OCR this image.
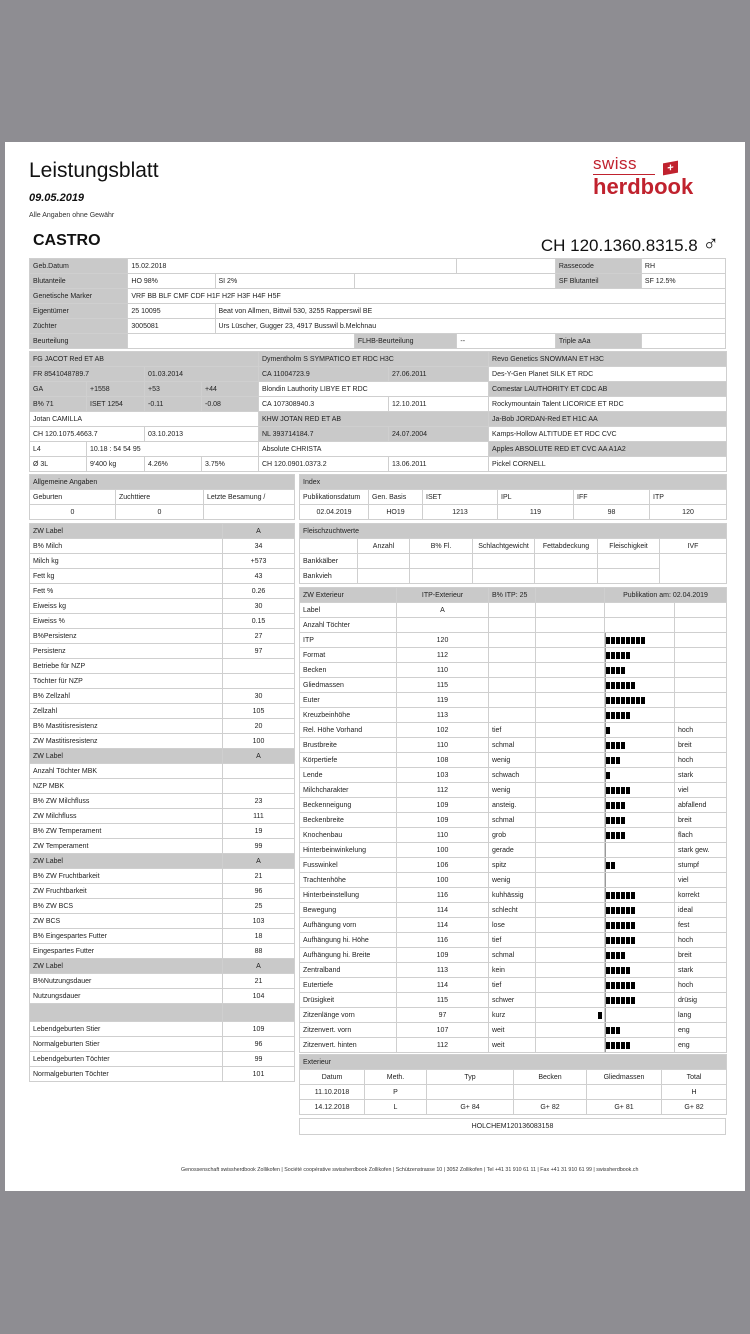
Leistungsblatt
09.05.2019
Alle Angaben ohne Gewähr
CASTRO	CH 120.1360.8315.8 ♂
swiss	+
herdbook
Geb.Datum	15.02.2018				Rassecode	RH
Blutanteile	HO 98%	SI 2%			SF Blutanteil	SF 12.5%
Genetische Marker	VRF BB BLF CMF CDF H1F H2F H3F H4F H5F					
Eigentümer	25 10095	Beat von Allmen, Bittwil 530, 3255 Rapperswil BE				
Züchter	3005081	Urs Lüscher, Gugger 23, 4917 Busswil b.Melchnau				
Beurteilung			FLHB-Beurteilung	--	Triple aAa	
FG JACOT Red ET AB				Dymentholm S SYMPATICO ET RDC H3C		Revo Genetics SNOWMAN ET H3C
FR 8541048789.7		01.03.2014		CA 11004723.9	27.06.2011	Des-Y-Gen Planet SILK ET RDC
GA	+1558	+53	+44	Blondin Lauthority LIBYE ET RDC		Comestar LAUTHORITY ET CDC AB
B% 71	ISET 1254	-0.11	-0.08	CA 107308940.3	12.10.2011	Rockymountain Talent LICORICE ET RDC
Jotan CAMILLA				KHW JOTAN RED ET AB		Ja-Bob JORDAN-Red ET H1C AA
CH 120.1075.4663.7		03.10.2013		NL 393714184.7	24.07.2004	Kamps-Hollow ALTITUDE ET RDC CVC
L4	10.18 : 54 54 95			Absolute CHRISTA		Apples ABSOLUTE RED ET CVC AA A1A2
Ø 3L	9'400 kg	4.26%	3.75%	CH 120.0901.0373.2	13.06.2011	Pickel CORNELL
Allgemeine Angaben		
Geburten	Zuchttiere	Letzte Besamung /
0	0	
Index					
Publikationsdatum	Gen. Basis	ISET	IPL	IFF	ITP
02.04.2019	HO19	1213	119	98	120
ZW Label	A
B% Milch	34
Milch kg	+573
Fett kg	43
Fett %	0.26
Eiweiss kg	30
Eiweiss %	0.15
B%Persistenz	27
Persistenz	97
Betriebe für NZP	
Töchter für NZP	
B% Zellzahl	30
Zellzahl	105
B% Mastitisresistenz	20
ZW Mastitisresistenz	100
ZW Label	A
Anzahl Töchter MBK	
NZP MBK	
B% ZW Milchfluss	23
ZW Milchfluss	111
B% ZW Temperament	19
ZW Temperament	99
ZW Label	A
B% ZW Fruchtbarkeit	21
ZW Fruchtbarkeit	96
B% ZW BCS	25
ZW BCS	103
B% Eingespartes Futter	18
Eingespartes Futter	88
ZW Label	A
B%Nutzungsdauer	21
Nutzungsdauer	104

Lebendgeburten Stier	109
Normalgeburten Stier	96
Lebendgeburten Töchter	99
Normalgeburten Töchter	101
Fleischzuchtwerte						
	Anzahl	B% Fl.	Schlachtgewicht	Fettabdeckung	Fleischigkeit	IVF
Bankkälber						
Bankvieh						
ZW Exterieur	ITP-Exterieur	B% ITP: 25		Publikation am: 02.04.2019	
Label	A				
Anzahl Töchter					
ITP	120			

Format	112			

Becken	110			

Gliedmassen	115			

Euter	119			

Kreuzbeinhöhe	113			

Rel. Höhe Vorhand	102	tief			hoch
Brustbreite	110	schmal			breit
Körpertiefe	108	wenig			hoch
Lende	103	schwach			stark
Milchcharakter	112	wenig			viel
Beckenneigung	109	ansteig.			abfallend
Beckenbreite	109	schmal			breit
Knochenbau	110	grob			flach
Hinterbeinwinkelung	100	gerade			stark gew.
Fusswinkel	106	spitz			stumpf
Trachtenhöhe	100	wenig			viel
Hinterbeinstellung	116	kuhhässig			korrekt
Bewegung	114	schlecht			ideal
Aufhängung vorn	114	lose			fest
Aufhängung hi. Höhe	116	tief			hoch
Aufhängung hi. Breite	109	schmal			breit
Zentralband	113	kein			stark
Eutertiefe	114	tief			hoch
Drüsigkeit	115	schwer			drüsig
Zitzenlänge vorn	97	kurz			lang
Zitzenvert. vorn	107	weit			eng
Zitzenvert. hinten	112	weit			eng
Exterieur					
Datum	Meth.	Typ	Becken	Gliedmassen	Total
11.10.2018	P				H
14.12.2018	L	G+ 84	G+ 82	G+ 81	G+ 82
HOLCHEM120136083158
Genossenschaft swissherdbook Zollikofen | Société coopérative swissherdbook Zollikofen | Schützenstrasse 10 | 3052 Zollikofen | Tel +41 31 910 61 11 | Fax +41 31 910 61 99 | swissherdbook.ch
